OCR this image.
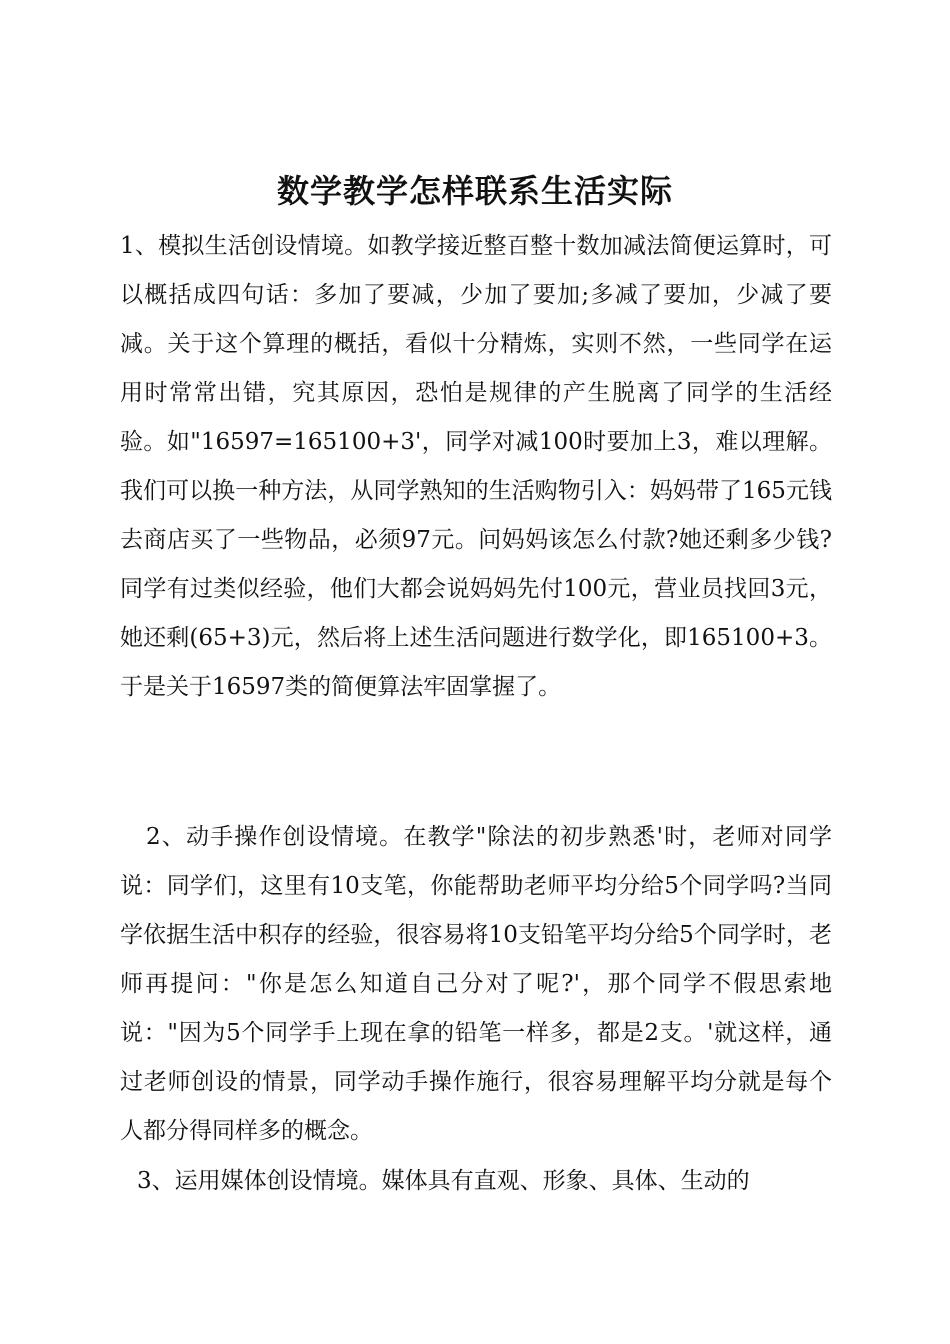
数学教学怎样联系生活实际

1、模拟生活创设情境。如教学接近整百整十数加减法简便运算时，可以概括成四句话：多加了要减，少加了要加;多减了要加，少减了要减。关于这个算理的概括，看似十分精炼，实则不然，一些同学在运用时常常出错，究其原因，恐怕是规律的产生脱离了同学的生活经验。如"16597=165100+3'，同学对减100时要加上3，难以理解。我们可以换一种方法，从同学熟知的生活购物引入：妈妈带了165元钱去商店买了一些物品，必须97元。问妈妈该怎么付款?她还剩多少钱?同学有过类似经验，他们大都会说妈妈先付100元，营业员找回3元，她还剩(65+3)元，然后将上述生活问题进行数学化，即165100+3。于是关于16597类的简便算法牢固掌握了。

2、动手操作创设情境。在教学"除法的初步熟悉'时，老师对同学说：同学们，这里有10支笔，你能帮助老师平均分给5个同学吗?当同学依据生活中积存的经验，很容易将10支铅笔平均分给5个同学时，老师再提问："你是怎么知道自己分对了呢?'，那个同学不假思索地说："因为5个同学手上现在拿的铅笔一样多，都是2支。'就这样，通过老师创设的情景，同学动手操作施行，很容易理解平均分就是每个人都分得同样多的概念。

3、运用媒体创设情境。媒体具有直观、形象、具体、生动的
